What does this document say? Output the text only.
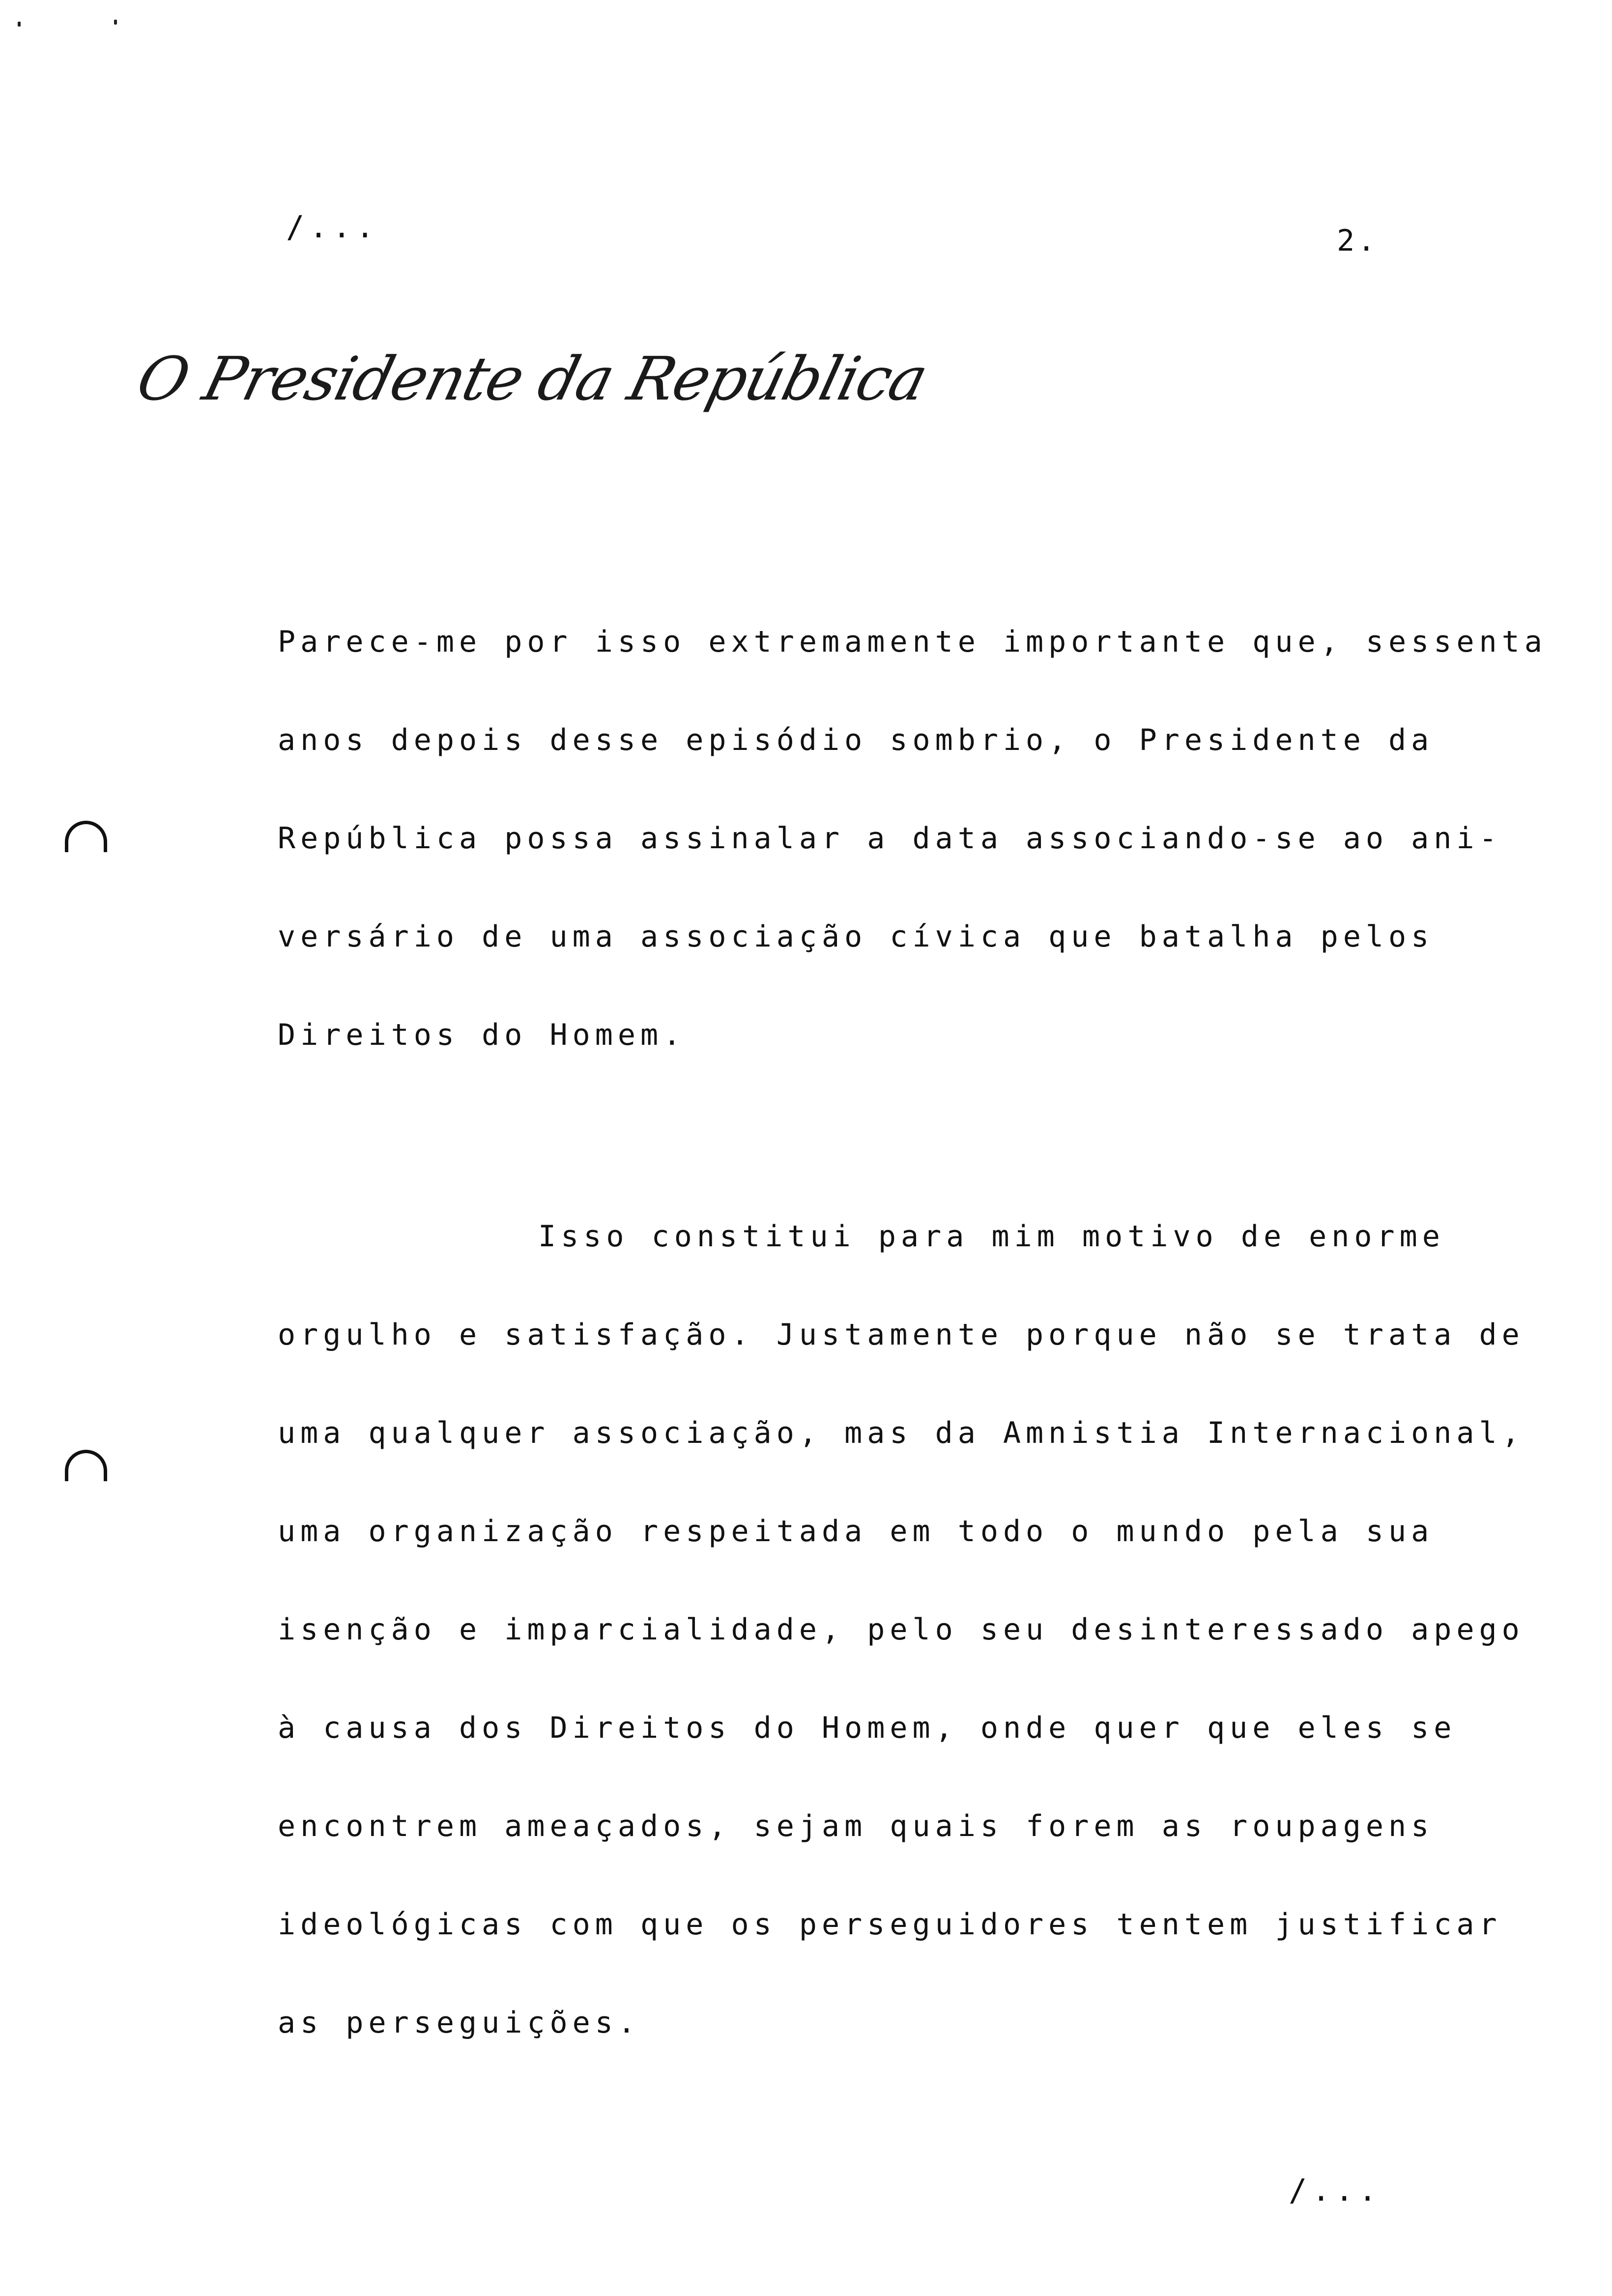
/...	2.
O Presidente da República
Parece-me por isso extremamente importante que, sessenta
anos depois desse episódio sombrio, o Presidente da
República possa assinalar a data associando-se ao ani-
versário de uma associação cívica que batalha pelos
Direitos do Homem.
Isso constitui para mim motivo de enorme
orgulho e satisfação. Justamente porque não se trata de
uma qualquer associação, mas da Amnistia Internacional,
uma organização respeitada em todo o mundo pela sua
isenção e imparcialidade, pelo seu desinteressado apego
à causa dos Direitos do Homem, onde quer que eles se
encontrem ameaçados, sejam quais forem as roupagens
ideológicas com que os perseguidores tentem justificar
as perseguições.
/...
